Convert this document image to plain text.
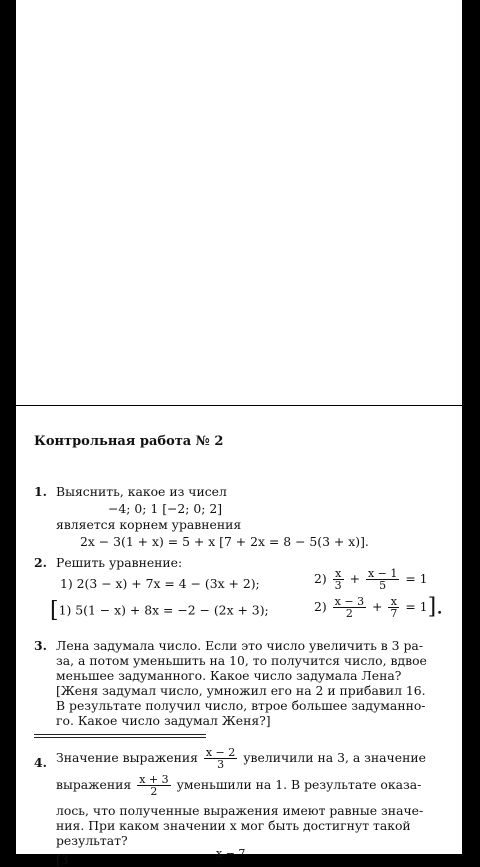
Контрольная работа № 2
1. Выяснить, какое из чисел
−4; 0; 1 [−2; 0; 2]
является корнем уравнения
2x − 3(1 + x) = 5 + x [7 + 2x = 8 − 5(3 + x)].
2. Решить уравнение:
1) 2(3 − x) + 7x = 4 − (3x + 2);	$2) \frac{x}{3} + \frac{x - 1}{5} = 1$
[1) 5(1 − x) + 8x = −2 − (2x + 3);	$2) \frac{x - 3}{2} + \frac{x}{7} = 1$].
3. Лена задумала число. Если это число увеличить в 3 ра-
за, а потом уменьшить на 10, то получится число, вдвое
меньшее задуманного. Какое число задумала Лена?
[Женя задумал число, умножил его на 2 и прибавил 16.
В результате получил число, втрое большее задуманно-
го. Какое число задумал Женя?]
4. Значение выражения $\frac{x - 2}{3}$ увеличили на 3, а значение
выражения $\frac{x + 3}{2}$ уменьшили на 1. В результате оказа-
лось, что полученные выражения имеют равные значе-
ния. При каком значении x мог быть достигнут такой
результат?
x − 7
[З
